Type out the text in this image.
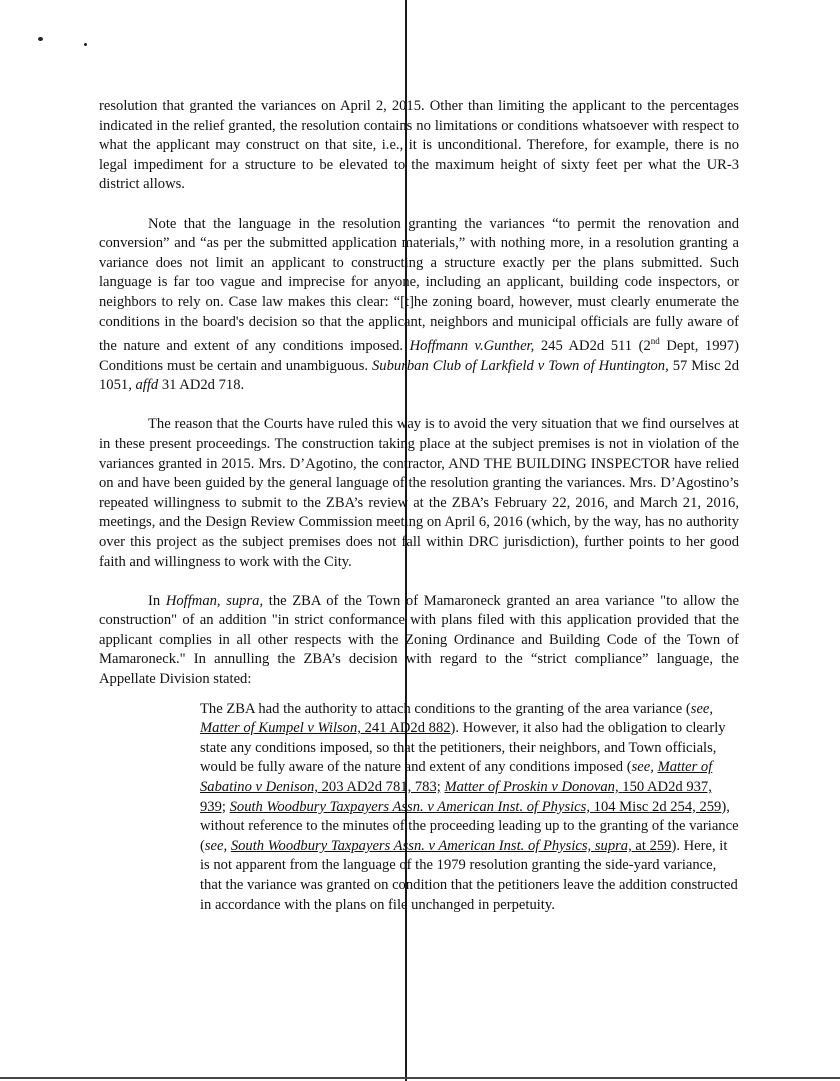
resolution that granted the variances on April 2, 2015. Other than limiting the applicant to the percentages indicated in the relief granted, the resolution contains no limitations or conditions whatsoever with respect to what the applicant may construct on that site, i.e., it is unconditional. Therefore, for example, there is no legal impediment for a structure to be elevated to the maximum height of sixty feet per what the UR-3 district allows.

Note that the language in the resolution granting the variances “to permit the renovation and conversion” and “as per the submitted application materials,” with nothing more, in a resolution granting a variance does not limit an applicant to constructing a structure exactly per the plans submitted. Such language is far too vague and imprecise for anyone, including an applicant, building code inspectors, or neighbors to rely on. Case law makes this clear: “[t]he zoning board, however, must clearly enumerate the conditions in the board's decision so that the applicant, neighbors and municipal officials are fully aware of the nature and extent of any conditions imposed. Hoffmann v.Gunther, 245 AD2d 511 (2nd Dept, 1997) Conditions must be certain and unambiguous. Suburban Club of Larkfield v Town of Huntington, 57 Misc 2d 1051, affd 31 AD2d 718.

The reason that the Courts have ruled this way is to avoid the very situation that we find ourselves at in these present proceedings. The construction taking place at the subject premises is not in violation of the variances granted in 2015. Mrs. D’Agotino, the contractor, AND THE BUILDING INSPECTOR have relied on and have been guided by the general language of the resolution granting the variances. Mrs. D’Agostino’s repeated willingness to submit to the ZBA’s review at the ZBA’s February 22, 2016, and March 21, 2016, meetings, and the Design Review Commission meeting on April 6, 2016 (which, by the way, has no authority over this project as the subject premises does not fall within DRC jurisdiction), further points to her good faith and willingness to work with the City.

In Hoffman, supra, the ZBA of the Town of Mamaroneck granted an area variance "to allow the construction" of an addition "in strict conformance with plans filed with this application provided that the applicant complies in all other respects with the Zoning Ordinance and Building Code of the Town of Mamaroneck." In annulling the ZBA’s decision with regard to the “strict compliance” language, the Appellate Division stated:

The ZBA had the authority to attach conditions to the granting of the area variance (see, Matter of Kumpel v Wilson, 241 AD2d 882). However, it also had the obligation to clearly state any conditions imposed, so that the petitioners, their neighbors, and Town officials, would be fully aware of the nature and extent of any conditions imposed (see, Matter of Sabatino v Denison, 203 AD2d 781, 783; Matter of Proskin v Donovan, 150 AD2d 937, 939; South Woodbury Taxpayers Assn. v American Inst. of Physics, 104 Misc 2d 254, 259), without reference to the minutes of the proceeding leading up to the granting of the variance (see, South Woodbury Taxpayers Assn. v American Inst. of Physics, supra, at 259). Here, it is not apparent from the language of the 1979 resolution granting the side-yard variance, that the variance was granted on condition that the petitioners leave the addition constructed in accordance with the plans on file unchanged in perpetuity.
